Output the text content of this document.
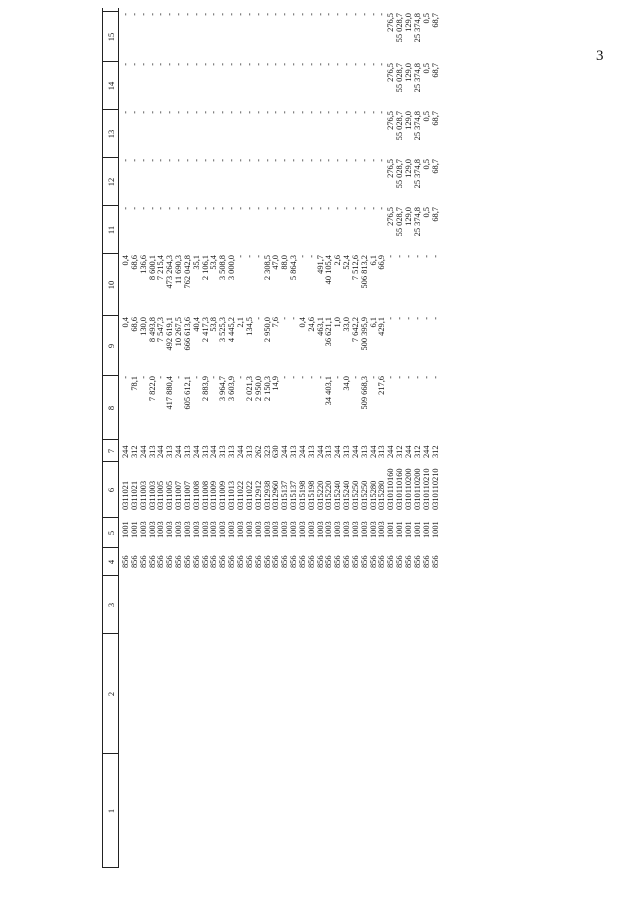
3
1
2
3
4
5
6
7
8
9
10
11
12
13
14
15
856
1001
0311021
244
-
0,4
0,4
-
-
-
-
-
856
1001
0311021
312
78,1
68,6
68,6
-
-
-
-
-
856
1003
0311003
244
-
130,0
136,6
-
-
-
-
-
856
1003
0311003
313
7 822,0
8 493,8
8 600,1
-
-
-
-
-
856
1003
0311005
244
-
7 547,3
7 215,4
-
-
-
-
-
856
1003
0311005
313
417 880,4
492 619,1
473 264,3
-
-
-
-
-
856
1003
0311007
244
-
10 267,5
11 690,3
-
-
-
-
-
856
1003
0311007
313
605 612,1
666 613,6
762 042,8
-
-
-
-
-
856
1003
0311008
244
-
40,4
35,1
-
-
-
-
-
856
1003
0311008
313
2 883,9
2 417,3
2 106,1
-
-
-
-
-
856
1003
0311009
244
-
53,8
53,4
-
-
-
-
-
856
1003
0311009
313
3 964,7
3 525,3
3 508,8
-
-
-
-
-
856
1003
0311013
313
3 603,9
4 445,2
3 000,0
-
-
-
-
-
856
1003
0311022
244
-
2,1
-
-
-
-
-
-
856
1003
0311022
313
2 021,3
134,5
-
-
-
-
-
-
856
1003
0312912
262
2 950,0
-
-
-
-
-
-
-
856
1003
0312938
323
2 150,3
2 950,0
2 308,5
-
-
-
-
-
856
1003
0312960
630
14,9
7,6
47,0
-
-
-
-
-
856
1003
0315137
244
-
-
88,0
-
-
-
-
-
856
1003
0315137
313
-
-
5 864,3
-
-
-
-
-
856
1003
0315198
244
-
0,4
-
-
-
-
-
-
856
1003
0315198
313
-
24,6
-
-
-
-
-
-
856
1003
0315220
244
-
463,1
491,7
-
-
-
-
-
856
1003
0315220
313
34 403,1
36 621,1
40 105,4
-
-
-
-
-
856
1003
0315240
244
-
1,0
2,6
-
-
-
-
-
856
1003
0315240
313
34,0
33,0
52,4
-
-
-
-
-
856
1003
0315250
244
-
7 642,2
7 512,6
-
-
-
-
-
856
1003
0315250
313
509 668,3
500 395,9
506 813,2
-
-
-
-
-
856
1003
0315280
244
-
6,1
6,1
-
-
-
-
-
856
1003
0315280
313
217,6
429,1
66,9
-
-
-
-
-
856
1001
0310110160
244
-
-
-
276,5
276,5
276,5
276,5
276,5
856
1001
0310110160
312
-
-
-
55 028,7
55 028,7
55 028,7
55 028,7
55 028,7
856
1001
0310110200
244
-
-
-
129,0
129,0
129,0
129,0
129,0
856
1001
0310110200
312
-
-
-
25 374,8
25 374,8
25 374,8
25 374,8
25 374,8
856
1001
0310110210
244
-
-
-
0,5
0,5
0,5
0,5
0,5
856
1001
0310110210
312
-
-
-
68,7
68,7
68,7
68,7
68,7
